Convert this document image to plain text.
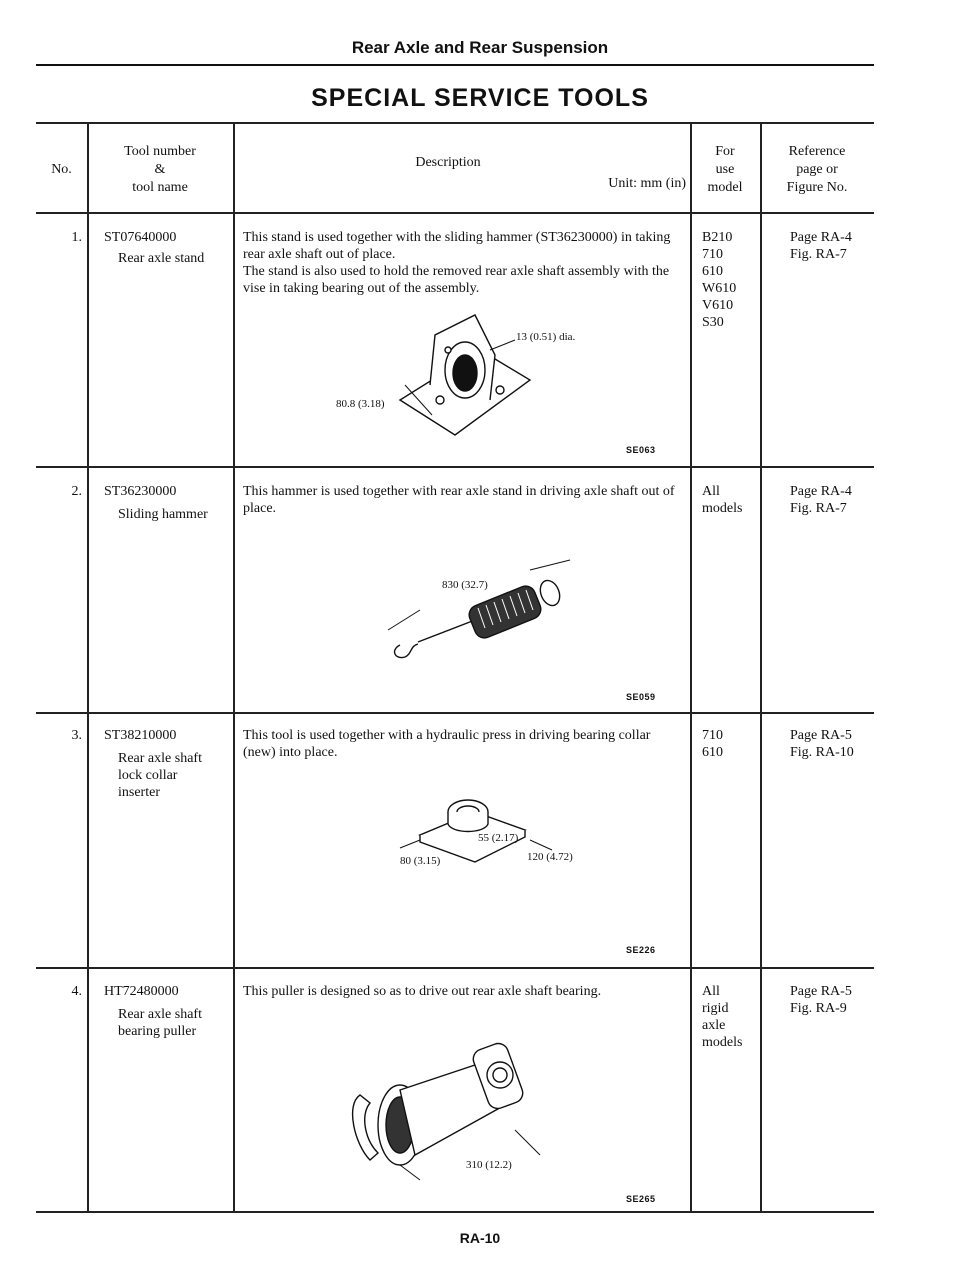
Rear Axle and Rear Suspension
SPECIAL SERVICE TOOLS
No.
Tool number
&
tool name
Description
Unit: mm (in)
For
use
model
Reference
page or
Figure No.
1. ST07640000
Rear axle stand
This stand is used together with the sliding hammer (ST36230000) in taking rear axle shaft out of place.
The stand is also used to hold the removed rear axle shaft assembly with the vise in taking bearing out of the assembly.
B210
710
610
W610
V610
S30
Page RA-4
Fig. RA-7
SE063
13 (0.51) dia.
80.8 (3.18)
2. ST36230000
Sliding hammer
This hammer is used together with rear axle stand in driving axle shaft out of place.
All
models
Page RA-4
Fig. RA-7
SE059
830 (32.7)
3. ST38210000
Rear axle shaft
lock collar
inserter
This tool is used together with a hydraulic press in driving bearing collar (new) into place.
710
610
Page RA-5
Fig. RA-10
SE226
55 (2.17)
80 (3.15)	120 (4.72)
4. HT72480000
Rear axle shaft
bearing puller
This puller is designed so as to drive out rear axle shaft bearing.	All
rigid
axle
models
Page RA-5
Fig. RA-9
SE265
310 (12.2)
RA-10
